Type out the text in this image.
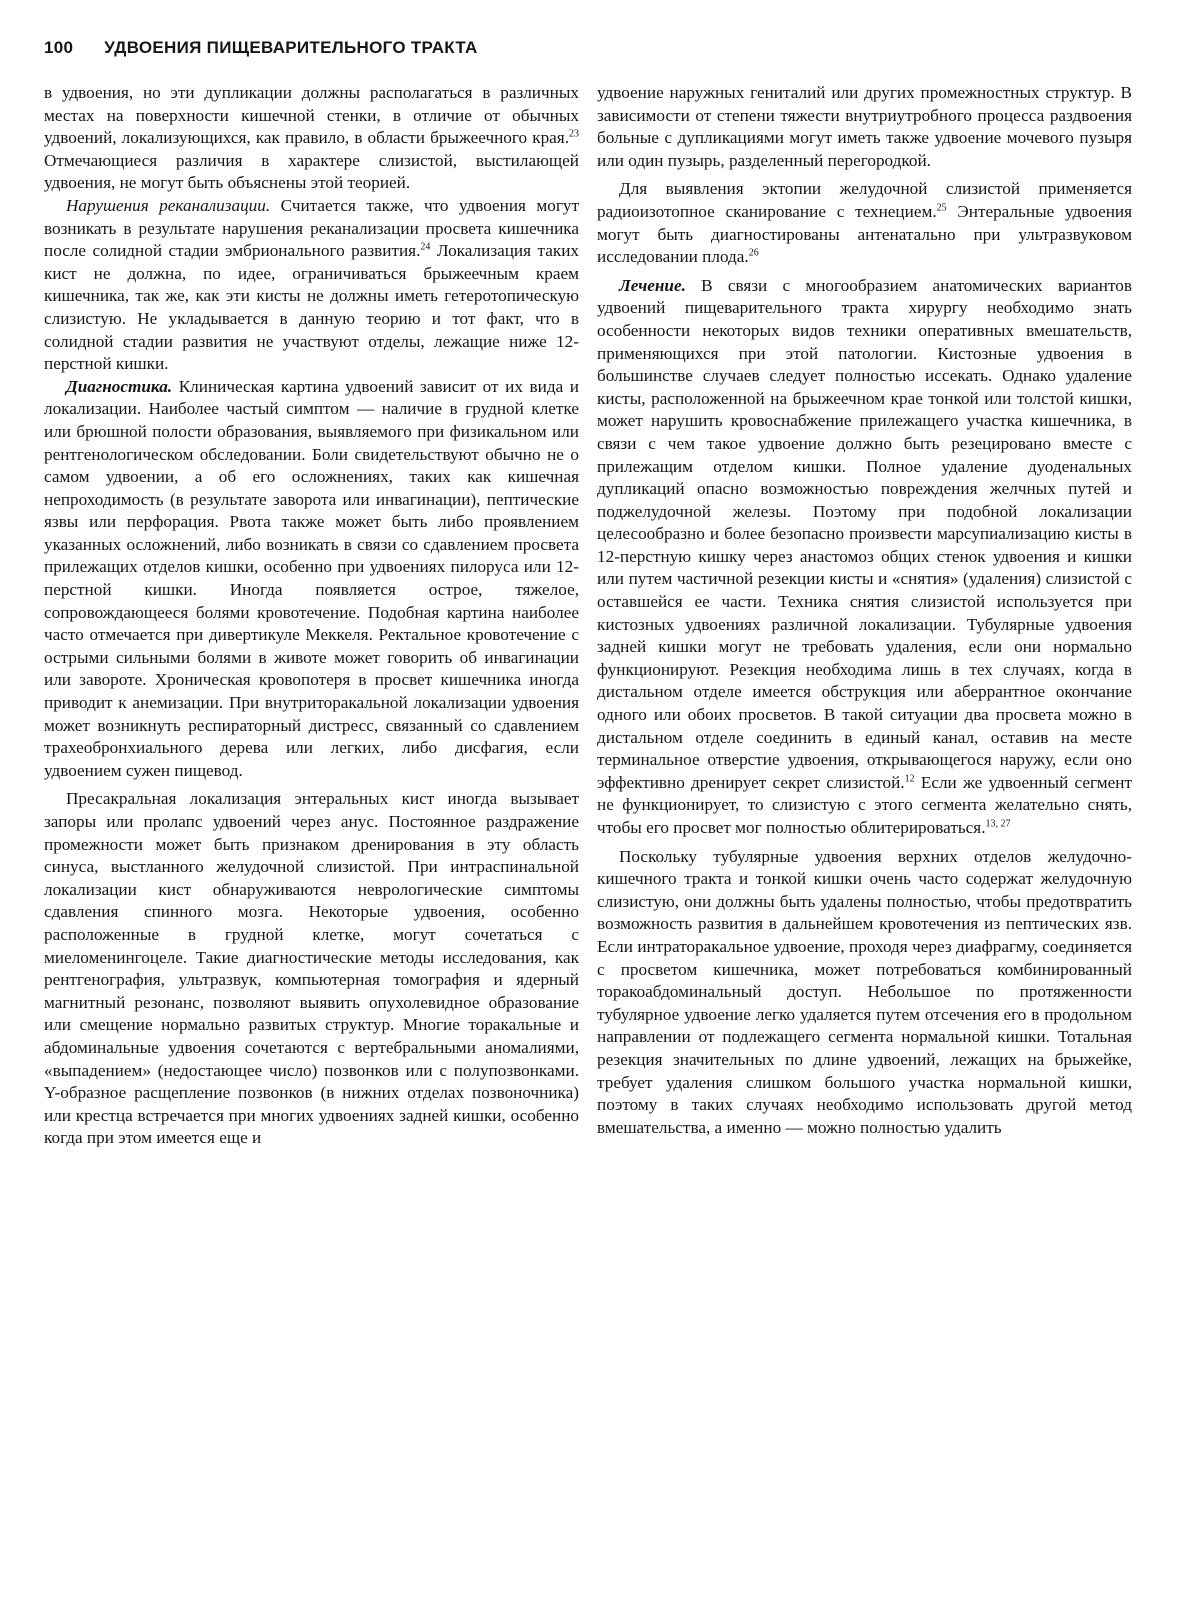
100 УДВОЕНИЯ ПИЩЕВАРИТЕЛЬНОГО ТРАКТА

в удвоения, но эти дупликации должны располагаться в различных местах на поверхности кишечной стенки, в отличие от обычных удвоений, локализующихся, как правило, в области брыжеечного края.$^{23}$ Отмечающиеся различия в характере слизистой, выстилающей удвоения, не могут быть объяснены этой теорией.

Нарушения реканализации. Считается также, что удвоения могут возникать в результате нарушения реканализации просвета кишечника после солидной стадии эмбрионального развития.$^{24}$ Локализация таких кист не должна, по идее, ограничиваться брыжеечным краем кишечника, так же, как эти кисты не должны иметь гетеротопическую слизистую. Не укладывается в данную теорию и тот факт, что в солидной стадии развития не участвуют отделы, лежащие ниже 12-перстной кишки.

Диагностика. Клиническая картина удвоений зависит от их вида и локализации. Наиболее частый симптом — наличие в грудной клетке или брюшной полости образования, выявляемого при физикальном или рентгенологическом обследовании. Боли свидетельствуют обычно не о самом удвоении, а об его осложнениях, таких как кишечная непроходимость (в результате заворота или инвагинации), пептические язвы или перфорация. Рвота также может быть либо проявлением указанных осложнений, либо возникать в связи со сдавлением просвета прилежащих отделов кишки, особенно при удвоениях пилоруса или 12-перстной кишки. Иногда появляется острое, тяжелое, сопровождающееся болями кровотечение. Подобная картина наиболее часто отмечается при дивертикуле Меккеля. Ректальное кровотечение с острыми сильными болями в животе может говорить об инвагинации или завороте. Хроническая кровопотеря в просвет кишечника иногда приводит к анемизации. При внутриторакальной локализации удвоения может возникнуть респираторный дистресс, связанный со сдавлением трахеобронхиального дерева или легких, либо дисфагия, если удвоением сужен пищевод.

Пресакральная локализация энтеральных кист иногда вызывает запоры или пролапс удвоений через анус. Постоянное раздражение промежности может быть признаком дренирования в эту область синуса, выстланного желудочной слизистой. При интраспинальной локализации кист обнаруживаются неврологические симптомы сдавления спинного мозга. Некоторые удвоения, особенно расположенные в грудной клетке, могут сочетаться с миеломенингоцеле. Такие диагностические методы исследования, как рентгенография, ультразвук, компьютерная томография и ядерный магнитный резонанс, позволяют выявить опухолевидное образование или смещение нормально развитых структур. Многие торакальные и абдоминальные удвоения сочетаются с вертебральными аномалиями, «выпадением» (недостающее число) позвонков или с полупозвонками. Y-образное расщепление позвонков (в нижних отделах позвоночника) или крестца встречается при многих удвоениях задней кишки, особенно когда при этом имеется еще и

удвоение наружных гениталий или других промежностных структур. В зависимости от степени тяжести внутриутробного процесса раздвоения больные с дупликациями могут иметь также удвоение мочевого пузыря или один пузырь, разделенный перегородкой.

Для выявления эктопии желудочной слизистой применяется радиоизотопное сканирование с технецием.$^{25}$ Энтеральные удвоения могут быть диагностированы антенатально при ультразвуковом исследовании плода.$^{26}$

Лечение. В связи с многообразием анатомических вариантов удвоений пищеварительного тракта хирургу необходимо знать особенности некоторых видов техники оперативных вмешательств, применяющихся при этой патологии. Кистозные удвоения в большинстве случаев следует полностью иссекать. Однако удаление кисты, расположенной на брыжеечном крае тонкой или толстой кишки, может нарушить кровоснабжение прилежащего участка кишечника, в связи с чем такое удвоение должно быть резецировано вместе с прилежащим отделом кишки. Полное удаление дуоденальных дупликаций опасно возможностью повреждения желчных путей и поджелудочной железы. Поэтому при подобной локализации целесообразно и более безопасно произвести марсупиализацию кисты в 12-перстную кишку через анастомоз общих стенок удвоения и кишки или путем частичной резекции кисты и «снятия» (удаления) слизистой с оставшейся ее части. Техника снятия слизистой используется при кистозных удвоениях различной локализации. Тубулярные удвоения задней кишки могут не требовать удаления, если они нормально функционируют. Резекция необходима лишь в тех случаях, когда в дистальном отделе имеется обструкция или аберрантное окончание одного или обоих просветов. В такой ситуации два просвета можно в дистальном отделе соединить в единый канал, оставив на месте терминальное отверстие удвоения, открывающегося наружу, если оно эффективно дренирует секрет слизистой.$^{12}$ Если же удвоенный сегмент не функционирует, то слизистую с этого сегмента желательно снять, чтобы его просвет мог полностью облитерироваться.$^{13, 27}$

Поскольку тубулярные удвоения верхних отделов желудочно-кишечного тракта и тонкой кишки очень часто содержат желудочную слизистую, они должны быть удалены полностью, чтобы предотвратить возможность развития в дальнейшем кровотечения из пептических язв. Если интраторакальное удвоение, проходя через диафрагму, соединяется с просветом кишечника, может потребоваться комбинированный торакоабдоминальный доступ. Небольшое по протяженности тубулярное удвоение легко удаляется путем отсечения его в продольном направлении от подлежащего сегмента нормальной кишки. Тотальная резекция значительных по длине удвоений, лежащих на брыжейке, требует удаления слишком большого участка нормальной кишки, поэтому в таких случаях необходимо использовать другой метод вмешательства, а именно — можно полностью удалить
